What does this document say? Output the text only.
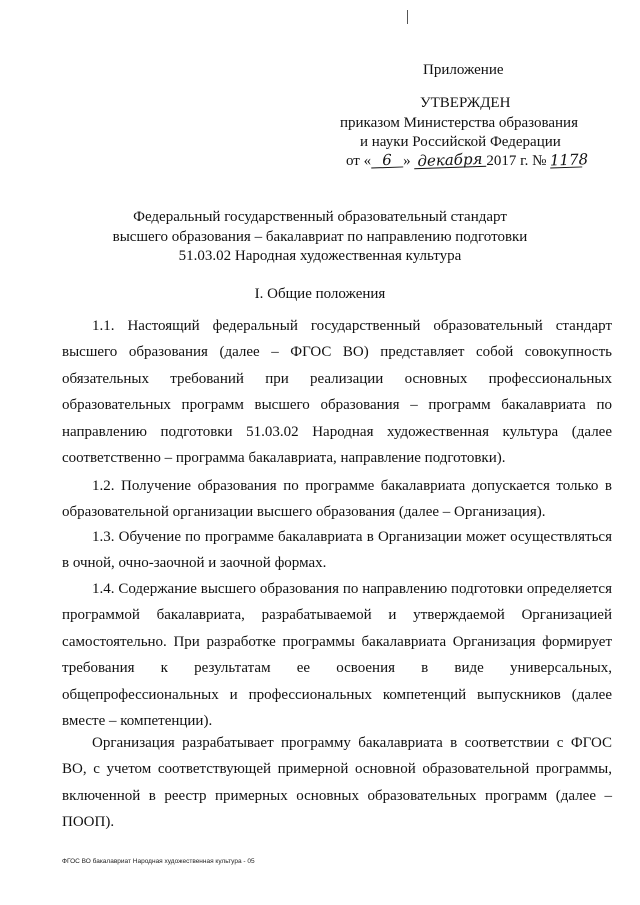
Приложение
УТВЕРЖДЕН
приказом Министерства образования
и науки Российской Федерации
от « 6 » декабря 2017 г. № 1178
Федеральный государственный образовательный стандарт
высшего образования – бакалавриат по направлению подготовки
51.03.02 Народная художественная культура
I. Общие положения

1.1. Настоящий федеральный государственный образовательный стандарт высшего образования (далее – ФГОС ВО) представляет собой совокупность обязательных требований при реализации основных профессиональных образовательных программ высшего образования – программ бакалавриата по направлению подготовки 51.03.02 Народная художественная культура (далее соответственно – программа бакалавриата, направление подготовки).

1.2. Получение образования по программе бакалавриата допускается только в образовательной организации высшего образования (далее – Организация).

1.3. Обучение по программе бакалавриата в Организации может осуществляться в очной, очно-заочной и заочной формах.

1.4. Содержание высшего образования по направлению подготовки определяется программой бакалавриата, разрабатываемой и утверждаемой Организацией самостоятельно. При разработке программы бакалавриата Организация формирует требования к результатам ее освоения в виде универсальных, общепрофессиональных и профессиональных компетенций выпускников (далее вместе – компетенции).

Организация разрабатывает программу бакалавриата в соответствии с ФГОС ВО, с учетом соответствующей примерной основной образовательной программы, включенной в реестр примерных основных образовательных программ (далее – ПООП).

ФГОС ВО бакалавриат Народная художественная культура - 05
